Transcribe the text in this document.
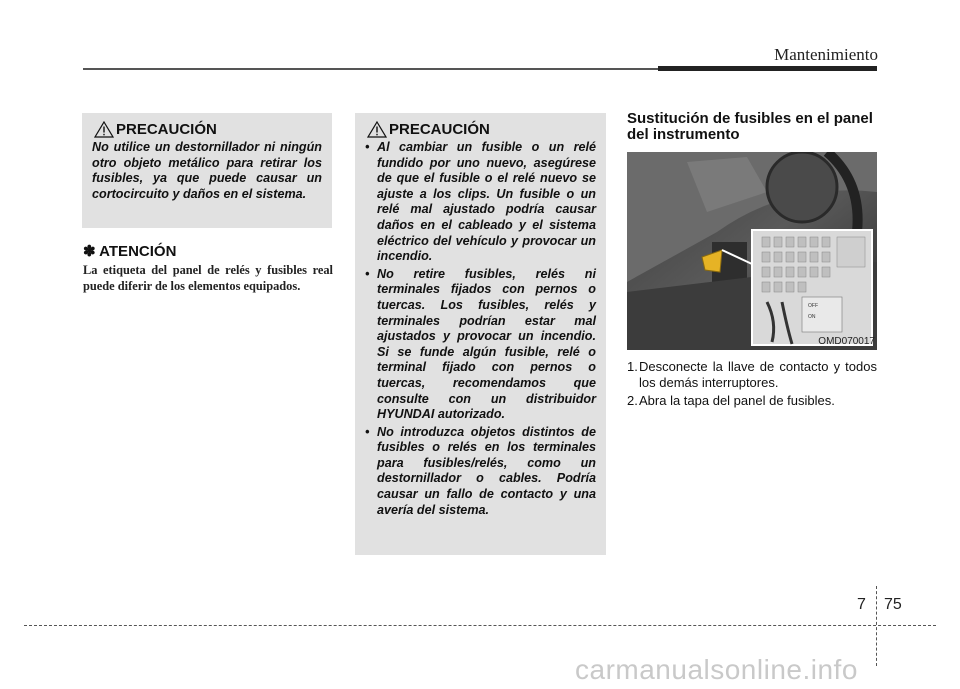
Mantenimiento
PRECAUCIÓN
No utilice un destornillador ni ningún otro objeto metálico para retirar los fusibles, ya que puede causar un cortocircuito y daños en el sistema.
✽ ATENCIÓN
La etiqueta del panel de relés y fusibles real puede diferir de los elementos equipados.
PRECAUCIÓN
• Al cambiar un fusible o un relé fundido por uno nuevo, asegúrese de que el fusible o el relé nuevo se ajuste a los clips. Un fusible o un relé mal ajustado podría causar daños en el cableado y el sistema eléctrico del vehículo y provocar un incendio.
• No retire fusibles, relés ni terminales fijados con pernos o tuercas. Los fusibles, relés y terminales podrían estar mal ajustados y provocar un incendio. Si se funde algún fusible, relé o terminal fijado con pernos o tuercas, recomendamos que consulte con un distribuidor HYUNDAI autorizado.
• No introduzca objetos distintos de fusibles o relés en los terminales para fusibles/relés, como un destornillador o cables. Podría causar un fallo de contacto y una avería del sistema.
Sustitución de fusibles en el panel del instrumento
OFF
ON
OMD070017
1. Desconecte la llave de contacto y todos los demás interruptores.
2. Abra la tapa del panel de fusibles.
7 75
carmanualsonline.info
